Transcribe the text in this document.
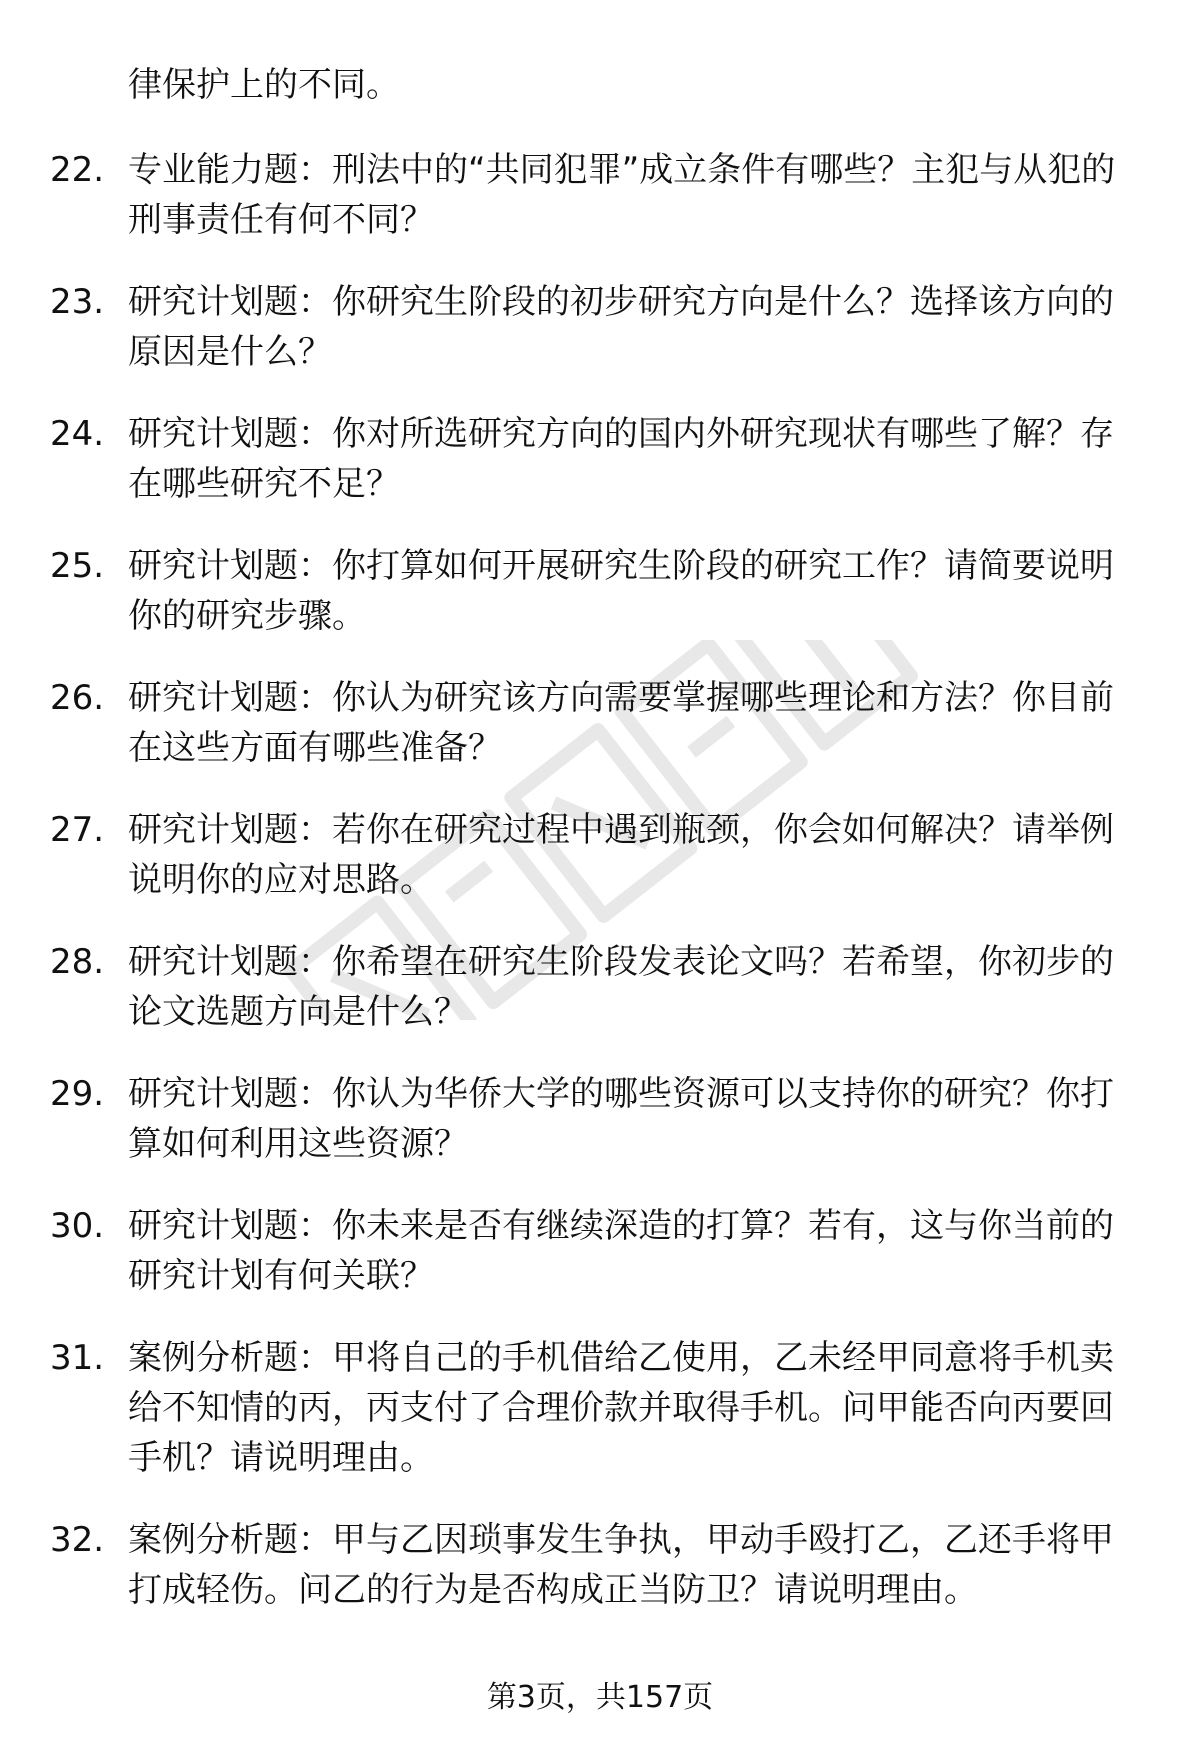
律保护上的不同。
22. 专业能力题：刑法中的“共同犯罪”成立条件有哪些？主犯与从犯的刑事责任有何不同？
23. 研究计划题：你研究生阶段的初步研究方向是什么？选择该方向的原因是什么？
24. 研究计划题：你对所选研究方向的国内外研究现状有哪些了解？存在哪些研究不足？
25. 研究计划题：你打算如何开展研究生阶段的研究工作？请简要说明你的研究步骤。
26. 研究计划题：你认为研究该方向需要掌握哪些理论和方法？你目前在这些方面有哪些准备？
27. 研究计划题：若你在研究过程中遇到瓶颈，你会如何解决？请举例说明你的应对思路。
28. 研究计划题：你希望在研究生阶段发表论文吗？若希望，你初步的论文选题方向是什么？
29. 研究计划题：你认为华侨大学的哪些资源可以支持你的研究？你打算如何利用这些资源？
30. 研究计划题：你未来是否有继续深造的打算？若有，这与你当前的研究计划有何关联？
31. 案例分析题：甲将自己的手机借给乙使用，乙未经甲同意将手机卖给不知情的丙，丙支付了合理价款并取得手机。问甲能否向丙要回手机？请说明理由。
32. 案例分析题：甲与乙因琐事发生争执，甲动手殴打乙，乙还手将甲打成轻伤。问乙的行为是否构成正当防卫？请说明理由。
第3页，共157页
